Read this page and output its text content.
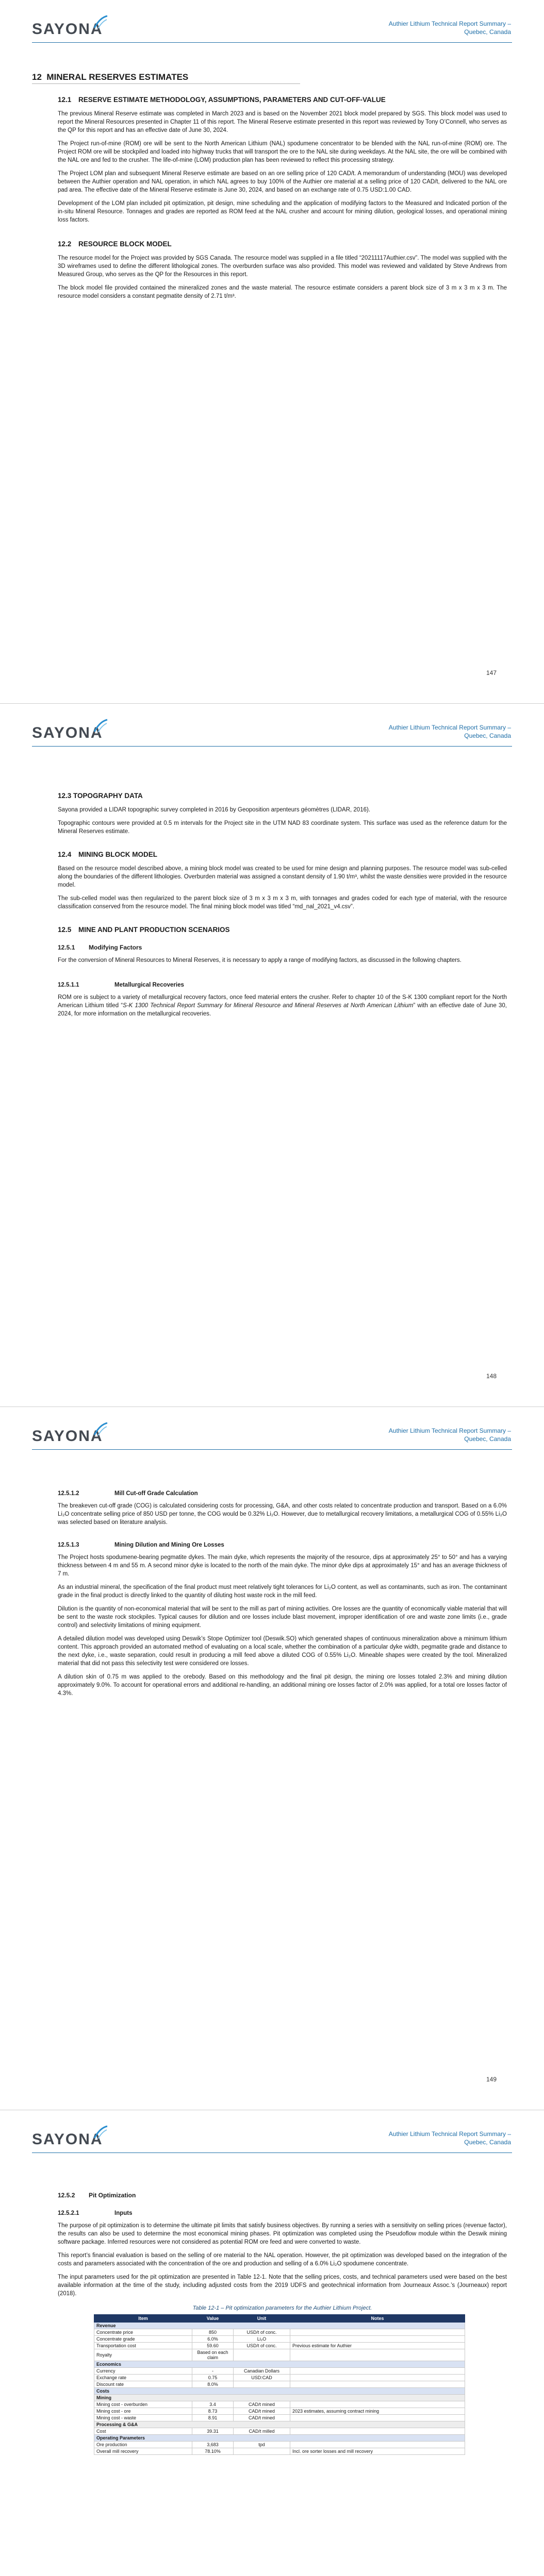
SAYONA	Authier Lithium Technical Report Summary – Quebec, Canada
12 MINERAL RESERVES ESTIMATES
12.1	RESERVE ESTIMATE METHODOLOGY, ASSUMPTIONS, PARAMETERS AND CUT-OFF-VALUE

The previous Mineral Reserve estimate was completed in March 2023 and is based on the November 2021 block model prepared by SGS. This block model was used to report the Mineral Resources presented in Chapter 11 of this report. The Mineral Reserve estimate presented in this report was reviewed by Tony O’Connell, who serves as the QP for this report and has an effective date of June 30, 2024.

The Project run-of-mine (ROM) ore will be sent to the North American Lithium (NAL) spodumene concentrator to be blended with the NAL run-of-mine (ROM) ore. The Project ROM ore will be stockpiled and loaded into highway trucks that will transport the ore to the NAL site during weekdays. At the NAL site, the ore will be combined with the NAL ore and fed to the crusher. The life-of-mine (LOM) production plan has been reviewed to reflect this processing strategy.

The Project LOM plan and subsequent Mineral Reserve estimate are based on an ore selling price of 120 CAD/t. A memorandum of understanding (MOU) was developed between the Authier operation and NAL operation, in which NAL agrees to buy 100% of the Authier ore material at a selling price of 120 CAD/t, delivered to the NAL ore pad area. The effective date of the Mineral Reserve estimate is June 30, 2024, and based on an exchange rate of 0.75 USD:1.00 CAD.

Development of the LOM plan included pit optimization, pit design, mine scheduling and the application of modifying factors to the Measured and Indicated portion of the in-situ Mineral Resource. Tonnages and grades are reported as ROM feed at the NAL crusher and account for mining dilution, geological losses, and operational mining loss factors.

12.2 RESOURCE BLOCK MODEL

The resource model for the Project was provided by SGS Canada. The resource model was supplied in a file titled “20211117Authier.csv”. The model was supplied with the 3D wireframes used to define the different lithological zones. The overburden surface was also provided. This model was reviewed and validated by Steve Andrews from Measured Group, who serves as the QP for the Resources in this report.

The block model file provided contained the mineralized zones and the waste material. The resource estimate considers a parent block size of 3 m x 3 m x 3 m. The resource model considers a constant pegmatite density of 2.71 t/m³.

147
SAYONA	Authier Lithium Technical Report Summary – Quebec, Canada
12.3 TOPOGRAPHY DATA

Sayona provided a LIDAR topographic survey completed in 2016 by Geoposition arpenteurs géomètres (LIDAR, 2016).

Topographic contours were provided at 0.5 m intervals for the Project site in the UTM NAD 83 coordinate system. This surface was used as the reference datum for the Mineral Reserves estimate.

12.4 MINING BLOCK MODEL

Based on the resource model described above, a mining block model was created to be used for mine design and planning purposes. The resource model was sub-celled along the boundaries of the different lithologies. Overburden material was assigned a constant density of 1.90 t/m³, whilst the waste densities were provided in the resource model.

The sub-celled model was then regularized to the parent block size of 3 m x 3 m x 3 m, with tonnages and grades coded for each type of material, with the resource classification conserved from the resource model. The final mining block model was titled “md_nal_2021_v4.csv”.

12.5 MINE AND PLANT PRODUCTION SCENARIOS
12.5.1 Modifying Factors

For the conversion of Mineral Resources to Mineral Reserves, it is necessary to apply a range of modifying factors, as discussed in the following chapters.

12.5.1.1	Metallurgical Recoveries

ROM ore is subject to a variety of metallurgical recovery factors, once feed material enters the crusher. Refer to chapter 10 of the S-K 1300 compliant report for the North American Lithium titled “S-K 1300 Technical Report Summary for Mineral Resource and Mineral Reserves at North American Lithium” with an effective date of June 30, 2024, for more information on the metallurgical recoveries.

148
SAYONA	Authier Lithium Technical Report Summary – Quebec, Canada
12.5.1.2	Mill Cut-off Grade Calculation

The breakeven cut-off grade (COG) is calculated considering costs for processing, G&A, and other costs related to concentrate production and transport. Based on a 6.0% Li₂O concentrate selling price of 850 USD per tonne, the COG would be 0.32% Li₂O. However, due to metallurgical recovery limitations, a metallurgical COG of 0.55% Li₂O was selected based on literature analysis.

12.5.1.3	Mining Dilution and Mining Ore Losses

The Project hosts spodumene-bearing pegmatite dykes. The main dyke, which represents the majority of the resource, dips at approximately 25° to 50° and has a varying thickness between 4 m and 55 m. A second minor dyke is located to the north of the main dyke. The minor dyke dips at approximately 15° and has an average thickness of 7 m.

As an industrial mineral, the specification of the final product must meet relatively tight tolerances for Li₂O content, as well as contaminants, such as iron. The contaminant grade in the final product is directly linked to the quantity of diluting host waste rock in the mill feed.

Dilution is the quantity of non-economical material that will be sent to the mill as part of mining activities. Ore losses are the quantity of economically viable material that will be sent to the waste rock stockpiles. Typical causes for dilution and ore losses include blast movement, improper identification of ore and waste zone limits (i.e., grade control) and selectivity limitations of mining equipment.

A detailed dilution model was developed using Deswik’s Stope Optimizer tool (Deswik.SO) which generated shapes of continuous mineralization above a minimum lithium content. This approach provided an automated method of evaluating on a local scale, whether the combination of a particular dyke width, pegmatite grade and distance to the next dyke, i.e., waste separation, could result in producing a mill feed above a diluted COG of 0.55% Li₂O. Mineable shapes were created by the tool. Mineralized material that did not pass this selectivity test were considered ore losses.

A dilution skin of 0.75 m was applied to the orebody. Based on this methodology and the final pit design, the mining ore losses totaled 2.3% and mining dilution approximately 9.0%. To account for operational errors and additional re-handling, an additional mining ore losses factor of 2.0% was applied, for a total ore losses factor of 4.3%.

149
SAYONA	Authier Lithium Technical Report Summary – Quebec, Canada
12.5.2 Pit Optimization
12.5.2.1	Inputs

The purpose of pit optimization is to determine the ultimate pit limits that satisfy business objectives. By running a series with a sensitivity on selling prices (revenue factor), the results can also be used to determine the most economical mining phases. Pit optimization was completed using the Pseudoflow module within the Deswik mining software package. Inferred resources were not considered as potential ROM ore feed and were converted to waste.

This report’s financial evaluation is based on the selling of ore material to the NAL operation. However, the pit optimization was developed based on the integration of the costs and parameters associated with the concentration of the ore and production and selling of a 6.0% Li₂O spodumene concentrate.

The input parameters used for the pit optimization are presented in Table 12-1. Note that the selling prices, costs, and technical parameters used were based on the best available information at the time of the study, including adjusted costs from the 2019 UDFS and geotechnical information from Journeaux Assoc.’s (Journeaux) report (2018).

Table 12-1 – Pit optimization parameters for the Authier Lithium Project.
Item	Value	Unit	Notes
Revenue			
Concentrate price	850	USD/t of conc.	
Concentrate grade	6.0%	Li₂O	
Transportation cost	59.60	USD/t of conc.	Previous estimate for Authier
Royalty	Based on each claim		
Economics			
Currency	-	Canadian Dollars	
Exchange rate	0.75	USD:CAD	
Discount rate	8.0%		
Costs			
Mining			
Mining cost - overburden	3.4	CAD/t mined	
Mining cost - ore	8.73	CAD/t mined	2023 estimates, assuming contract mining
Mining cost - waste	8.91	CAD/t mined	
Processing & G&A			
Cost	39.31	CAD/t milled	
Operating Parameters			
Ore production	3,683	tpd	
Overall mill recovery	78.10%		Incl. ore sorter losses and mill recovery
